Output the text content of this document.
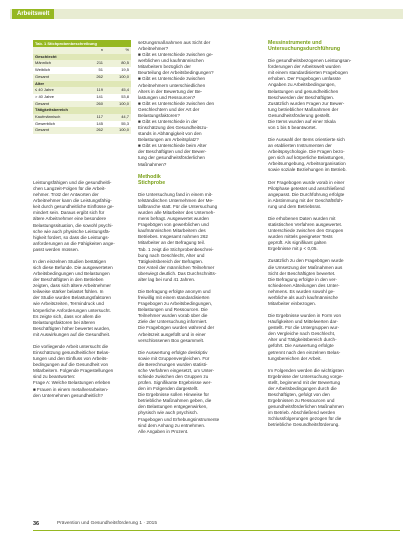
Arbeitswelt
Tab. 1 Stichprobenbeschreibung
	n	%
Geschlecht		
Männlich	211	80,5
Weiblich	51	19,5
Gesamt	262	100,0
Alter		
≤ 40 Jahre	119	45,4
> 40 Jahre	141	53,8
Gesamt	260	100,0
Tätigkeitsbereich		
Kaufmännisch	117	44,7
Gewerblich	145	55,3
Gesamt	262	100,0

Leistungsfähigen und die gesundheitli-

chen Langzeit-Folgen für die Arbeit-

nehmer. Trotz der Antworten der

Arbeitnehmer kann die Leistungsfähig-

keit durch gesundheitliche Einflüsse ge-

mindert sein. Daraus ergibt sich für

ältere Arbeitnehmer eine besondere

Belastungssituation, die sowohl psychi-

sche wie auch physische Leistungsfä-

higkeit fordert, so dass die Leistungs-

anforderungen an die Fähigkeiten ange-

passt werden müssen.

In den einzelnen Studien bestätigen

sich diese Befunde. Die ausgewerteten

Arbeitsbedingungen und Belastungen

der Beschäftigten in den Betrieben

zeigten, dass sich ältere Arbeitnehmer

teilweise stärker belastet fühlen. In

der Studie wurden Belastungsfaktoren

wie Arbeitszeiten, Termindruck und

körperliche Anforderungen untersucht.

Es zeigte sich, dass vor allem die

Belastungsfaktoren bei älteren

Beschäftigten höher bewertet wurden,

mit Auswirkungen auf die Gesundheit.

Die vorliegende Arbeit untersucht die

Einschätzung gesundheitlicher Belas-

tungen und den Einfluss von Arbeits-

bedingungen auf die Gesundheit von

Mitarbeitern. Folgende Fragestellungen

sind zu beantworten:

Frage A: Welche Belastungen erleben

■ Frauen in einem metallverarbeiten-

den Unternehmen gesundheitlich?

setzungsmaßnahmen aus Sicht der

Arbeitnehmer?

■ Gibt es Unterschiede zwischen ge-

werblichen und kaufmännischen

Mitarbeitern bezüglich der

Beurteilung der Arbeitsbedingungen?

■ Gibt es Unterschiede zwischen

Arbeitnehmern unterschiedlichen

Alters in der Bewertung der Be-

lastungen und Ressourcen?

■ Gibt es Unterschiede zwischen den

Geschlechtern und der Art der

Belastungsfaktoren?

■ Gibt es Unterschiede in der

Einschätzung des Gesundheitszu-

stands in Abhängigkeit von den

Belastungen am Arbeitsplatz?

■ Gibt es Unterschiede beim Alter

der Beschäftigten und der Bewer-

tung der gesundheitsförderlichen

Maßnahmen?

Methodik

Stichprobe

Die Untersuchung fand in einem mit-

telständischen Unternehmen der Me-

tallbranche statt. Für die Untersuchung

wurden alle Mitarbeiter des Unterneh-

mens befragt. Ausgewertet wurden

Fragebögen von gewerblichen und

kaufmännischen Mitarbeitern des

Betriebes. Insgesamt nahmen 262

Mitarbeiter an der Befragung teil.

Tab. 1 zeigt die Stichprobenbeschrei-

bung nach Geschlecht, Alter und

Tätigkeitsbereich der Befragten.

Der Anteil der männlichen Teilnehmer

überwiegt deutlich. Das Durchschnitts-

alter lag bei rund 41 Jahren.

Die Befragung erfolgte anonym und

freiwillig mit einem standardisierten

Fragebogen zu Arbeitsbedingungen,

Belastungen und Ressourcen. Die

Teilnehmer wurden vorab über die

Ziele der Untersuchung informiert.

Die Fragebögen wurden während der

Arbeitszeit ausgefüllt und in einer

verschlossenen Box gesammelt.

Die Auswertung erfolgte deskriptiv

sowie mit Gruppenvergleichen. Für

die Berechnungen wurden statisti-

sche Verfahren eingesetzt, um Unter-

schiede zwischen den Gruppen zu

prüfen. Signifikante Ergebnisse wer-

den im Folgenden dargestellt.

Die Ergebnisse sollen Hinweise für

betriebliche Maßnahmen geben, die

den Belastungen entgegenwirken,

physisch wie auch psychisch.

Fragebogen und Erhebungsinstrumente

sind dem Anhang zu entnehmen.

Alle Angaben in Prozent.

Messinstrumente und

Untersuchungsdurchführung

Die gesundheitsbezogenen Leistungsan-

forderungen der Arbeitswelt wurden

mit einem standardisierten Fragebogen

erhoben. Der Fragebogen umfasste

Angaben zu Arbeitsbedingungen,

Belastungen und gesundheitlichen

Beschwerden der Beschäftigten.

Zusätzlich wurden Fragen zur Bewer-

tung betrieblicher Maßnahmen der

Gesundheitsförderung gestellt.

Die Items wurden auf einer Skala

von 1 bis 5 beantwortet.

Die Auswahl der Items orientierte sich

an etablierten Instrumenten der

Arbeitspsychologie. Die Fragen bezo-

gen sich auf körperliche Belastungen,

Arbeitsumgebung, Arbeitsorganisation

sowie soziale Beziehungen im Betrieb.

Der Fragebogen wurde vorab in einer

Pilotphase getestet und anschließend

angepasst. Die Durchführung erfolgte

in Abstimmung mit der Geschäftsfüh-

rung und dem Betriebsrat.

Die erhobenen Daten wurden mit

statistischen Verfahren ausgewertet.

Unterschiede zwischen den Gruppen

wurden mittels geeigneter Tests

geprüft. Als signifikant galten

Ergebnisse mit p < 0,05.

Zusätzlich zu den Fragebögen wurde

die Umsetzung der Maßnahmen aus

Sicht der Beschäftigten bewertet.

Die Befragung erfolgte in den ver-

schiedenen Abteilungen des Unter-

nehmens. Es wurden sowohl ge-

werbliche als auch kaufmännische

Mitarbeiter einbezogen.

Die Ergebnisse wurden in Form von

Häufigkeiten und Mittelwerten dar-

gestellt. Für die Untergruppen wur-

den Vergleiche nach Geschlecht,

Alter und Tätigkeitsbereich durch-

geführt. Die Auswertung erfolgte

getrennt nach den einzelnen Belas-

tungsbereichen der Arbeit.

Im Folgenden werden die wichtigsten

Ergebnisse der Untersuchung vorge-

stellt, beginnend mit der Bewertung

der Arbeitsbedingungen durch die

Beschäftigten, gefolgt von den

Ergebnissen zu Ressourcen und

gesundheitsförderlichen Maßnahmen

im Betrieb. Abschließend werden

Schlussfolgerungen gezogen für die

betriebliche Gesundheitsförderung.

36	Prävention und Gesundheitsförderung 1 · 2015
